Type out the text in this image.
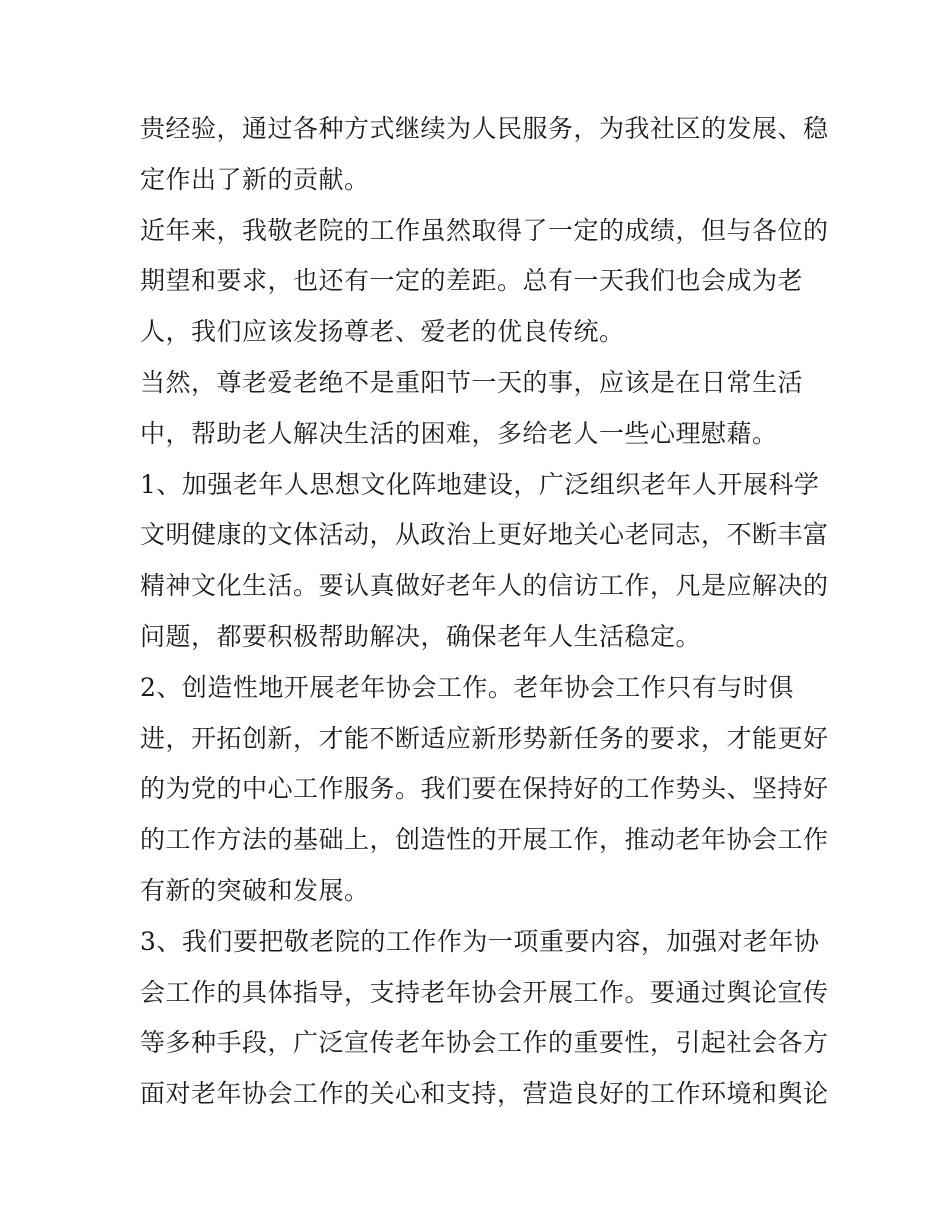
贵经验，通过各种方式继续为人民服务，为我社区的发展、稳
定作出了新的贡献。
近年来，我敬老院的工作虽然取得了一定的成绩，但与各位的
期望和要求，也还有一定的差距。总有一天我们也会成为老
人，我们应该发扬尊老、爱老的优良传统。
当然，尊老爱老绝不是重阳节一天的事，应该是在日常生活
中，帮助老人解决生活的困难，多给老人一些心理慰藉。
1、加强老年人思想文化阵地建设，广泛组织老年人开展科学
文明健康的文体活动，从政治上更好地关心老同志，不断丰富
精神文化生活。要认真做好老年人的信访工作，凡是应解决的
问题，都要积极帮助解决，确保老年人生活稳定。
2、创造性地开展老年协会工作。老年协会工作只有与时俱
进，开拓创新，才能不断适应新形势新任务的要求，才能更好
的为党的中心工作服务。我们要在保持好的工作势头、坚持好
的工作方法的基础上，创造性的开展工作，推动老年协会工作
有新的突破和发展。
3、我们要把敬老院的工作作为一项重要内容，加强对老年协
会工作的具体指导，支持老年协会开展工作。要通过舆论宣传
等多种手段，广泛宣传老年协会工作的重要性，引起社会各方
面对老年协会工作的关心和支持，营造良好的工作环境和舆论
